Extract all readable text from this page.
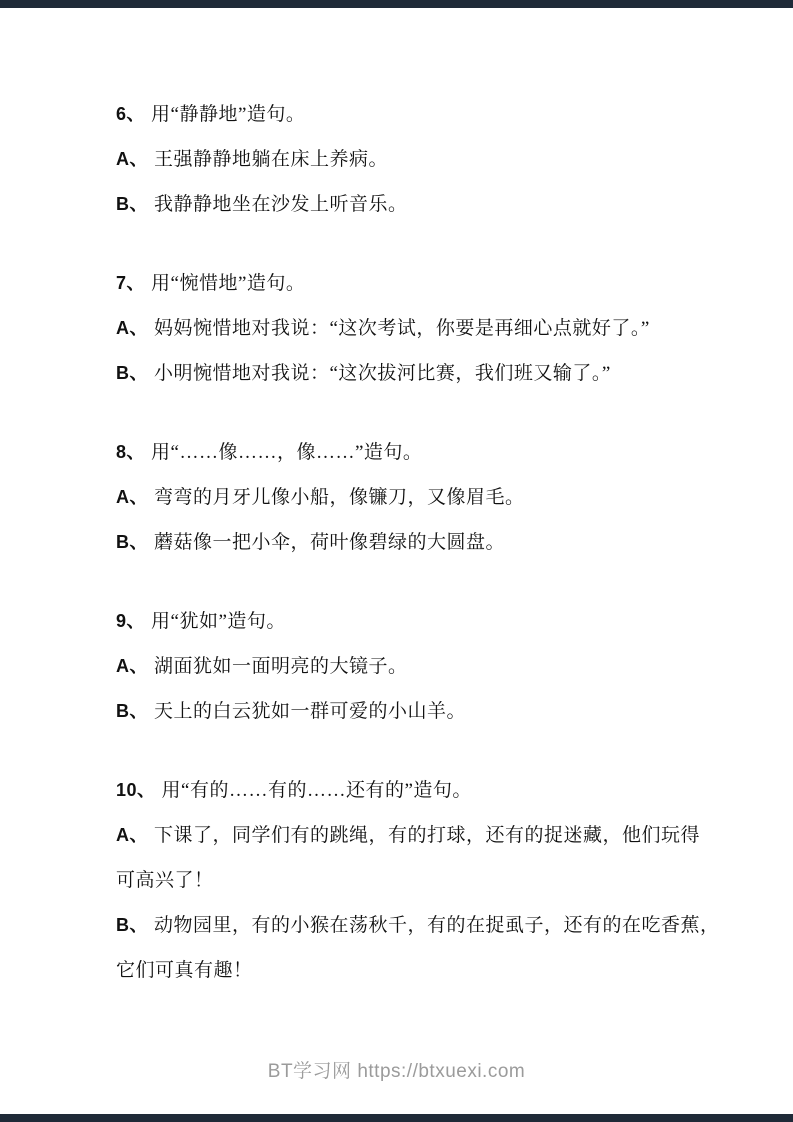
6、 用“静静地”造句。
A、 王强静静地躺在床上养病。
B、 我静静地坐在沙发上听音乐。
7、 用“惋惜地”造句。
A、 妈妈惋惜地对我说：“这次考试，你要是再细心点就好了。”
B、 小明惋惜地对我说：“这次拔河比赛，我们班又输了。”
8、 用“……像……，像……”造句。
A、 弯弯的月牙儿像小船，像镰刀，又像眉毛。
B、 蘑菇像一把小伞，荷叶像碧绿的大圆盘。
9、 用“犹如”造句。
A、 湖面犹如一面明亮的大镜子。
B、 天上的白云犹如一群可爱的小山羊。
10、 用“有的……有的……还有的”造句。
A、 下课了，同学们有的跳绳，有的打球，还有的捉迷藏，他们玩得
可高兴了！
B、 动物园里，有的小猴在荡秋千，有的在捉虱子，还有的在吃香蕉，
它们可真有趣！
BT学习网 https://btxuexi.com
